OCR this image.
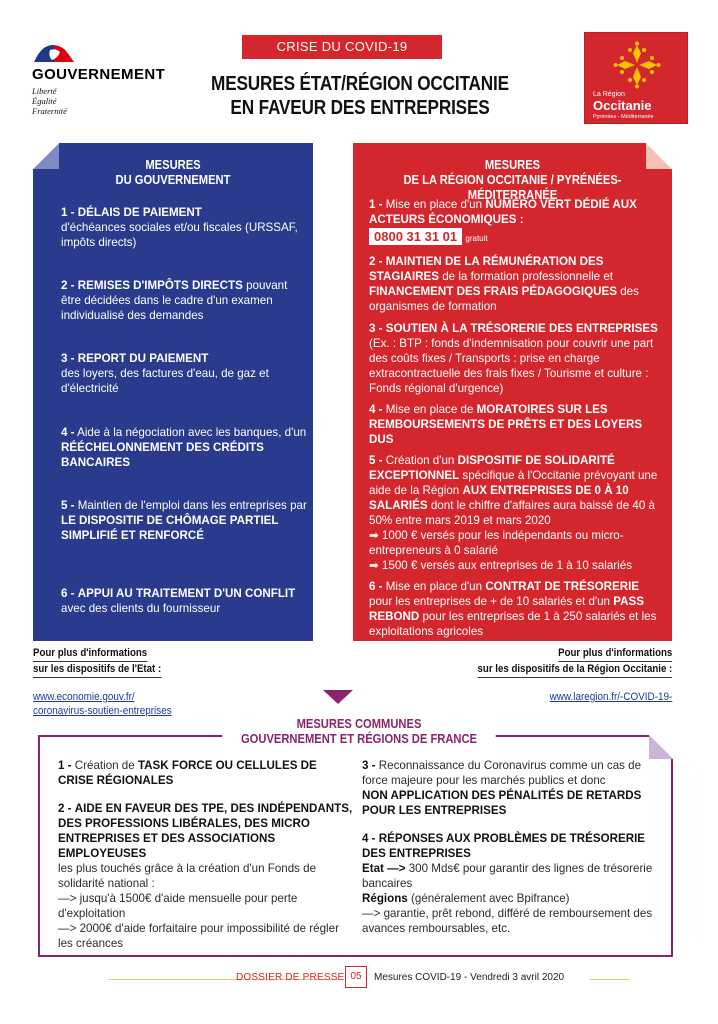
GOUVERNEMENT
Liberté
Égalité
Fraternité
CRISE DU COVID-19
MESURES ÉTAT/RÉGION OCCITANIE
EN FAVEUR DES ENTREPRISES
La Région
Occitanie
Pyrénées · Méditerranée
MESURES
DU GOUVERNEMENT
1 - DÉLAIS DE PAIEMENT
d'échéances sociales et/ou fiscales (URSSAF, impôts directs)
2 - REMISES D'IMPÔTS DIRECTS pouvant être décidées dans le cadre d'un examen individualisé des demandes
3 - REPORT DU PAIEMENT
des loyers, des factures d'eau, de gaz et d'électricité
4 - Aide à la négociation avec les banques, d'un RÉÉCHELONNEMENT DES CRÉDITS BANCAIRES
5 - Maintien de l'emploi dans les entreprises par LE DISPOSITIF DE CHÔMAGE PARTIEL SIMPLIFIÉ ET RENFORCÉ
6 - APPUI AU TRAITEMENT D'UN CONFLIT avec des clients du fournisseur
MESURES
DE LA RÉGION OCCITANIE / PYRÉNÉES-MÉDITERRANÉE
1 - Mise en place d'un NUMÉRO VERT DÉDIÉ AUX ACTEURS ÉCONOMIQUES :
0800 31 31 01 gratuit
2 - MAINTIEN DE LA RÉMUNÉRATION DES STAGIAIRES de la formation professionnelle et FINANCEMENT DES FRAIS PÉDAGOGIQUES des organismes de formation
3 - SOUTIEN À LA TRÉSORERIE DES ENTREPRISES
(Ex. : BTP : fonds d'indemnisation pour couvrir une part des coûts fixes / Transports : prise en charge extracontractuelle des frais fixes / Tourisme et culture : Fonds régional d'urgence)
4 - Mise en place de MORATOIRES SUR LES REMBOURSEMENTS DE PRÊTS ET DES LOYERS DUS
5 - Création d'un DISPOSITIF DE SOLIDARITÉ EXCEPTIONNEL spécifique à l'Occitanie prévoyant une aide de la Région AUX ENTREPRISES DE 0 À 10 SALARIÉS dont le chiffre d'affaires aura baissé de 40 à 50% entre mars 2019 et mars 2020
➡ 1000 € versés pour les indépendants ou micro-entrepreneurs à 0 salarié
➡ 1500 € versés aux entreprises de 1 à 10 salariés
6 - Mise en place d'un CONTRAT DE TRÉSORERIE pour les entreprises de + de 10 salariés et d'un PASS REBOND pour les entreprises de 1 à 250 salariés et les exploitations agricoles
Pour plus d'informations
sur les dispositifs de l'Etat :
Pour plus d'informations
sur les dispositifs de la Région Occitanie :
www.economie.gouv.fr/
coronavirus-soutien-entreprises
www.laregion.fr/-COVID-19-
MESURES COMMUNES
GOUVERNEMENT ET RÉGIONS DE FRANCE
1 - Création de TASK FORCE OU CELLULES DE CRISE RÉGIONALES
2 - AIDE EN FAVEUR DES TPE, DES INDÉPENDANTS, DES PROFESSIONS LIBÉRALES, DES MICRO ENTREPRISES ET DES ASSOCIATIONS EMPLOYEUSES
les plus touchés grâce à la création d'un Fonds de solidarité national :
—> jusqu'à 1500€ d'aide mensuelle pour perte d'exploitation
—> 2000€ d'aide forfaitaire pour impossibilité de régler les créances
3 - Reconnaissance du Coronavirus comme un cas de force majeure pour les marchés publics et donc
NON APPLICATION DES PÉNALITÉS DE RETARDS POUR LES ENTREPRISES
4 - RÉPONSES AUX PROBLÈMES DE TRÉSORERIE DES ENTREPRISES
Etat —> 300 Mds€ pour garantir des lignes de trésorerie bancaires
Régions (généralement avec Bpifrance)
—> garantie, prêt rebond, différé de remboursement des avances remboursables, etc.
DOSSIER DE PRESSE 05	Mesures COVID-19 - Vendredi 3 avril 2020
